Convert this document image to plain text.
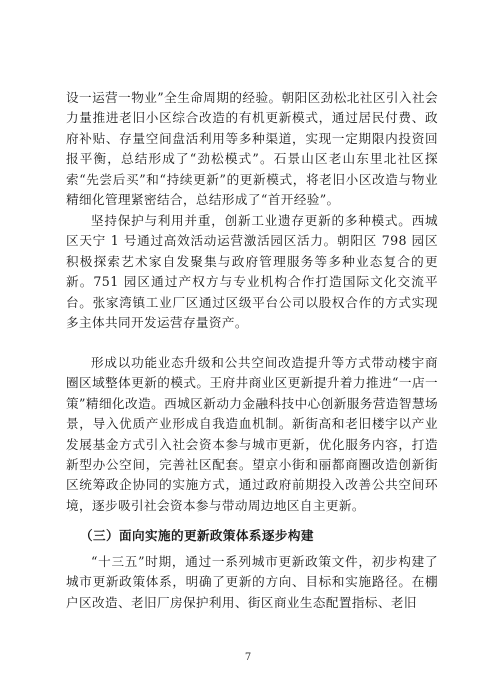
设一运营一物业”全生命周期的经验。朝阳区劲松北社区引入社会力量推进老旧小区综合改造的有机更新模式，通过居民付费、政府补贴、存量空间盘活利用等多种渠道，实现一定期限内投资回报平衡，总结形成了“劲松模式”。石景山区老山东里北社区探索“先尝后买”和“持续更新”的更新模式，将老旧小区改造与物业精细化管理紧密结合，总结形成了“首开经验”。

坚持保护与利用并重，创新工业遗存更新的多种模式。西城区天宁 1 号通过高效活动运营激活园区活力。朝阳区 798 园区积极探索艺术家自发聚集与政府管理服务等多种业态复合的更新。751 园区通过产权方与专业机构合作打造国际文化交流平台。张家湾镇工业厂区通过区级平台公司以股权合作的方式实现多主体共同开发运营存量资产。

形成以功能业态升级和公共空间改造提升等方式带动楼宇商圈区域整体更新的模式。王府井商业区更新提升着力推进“一店一策”精细化改造。西城区新动力金融科技中心创新服务营造智慧场景，导入优质产业形成自我造血机制。新街高和老旧楼宇以产业发展基金方式引入社会资本参与城市更新，优化服务内容，打造新型办公空间，完善社区配套。望京小街和丽都商圈改造创新街区统筹政企协同的实施方式，通过政府前期投入改善公共空间环境，逐步吸引社会资本参与带动周边地区自主更新。

（三）面向实施的更新政策体系逐步构建

“十三五”时期，通过一系列城市更新政策文件，初步构建了城市更新政策体系，明确了更新的方向、目标和实施路径。在棚户区改造、老旧厂房保护利用、街区商业生态配置指标、老旧

7
